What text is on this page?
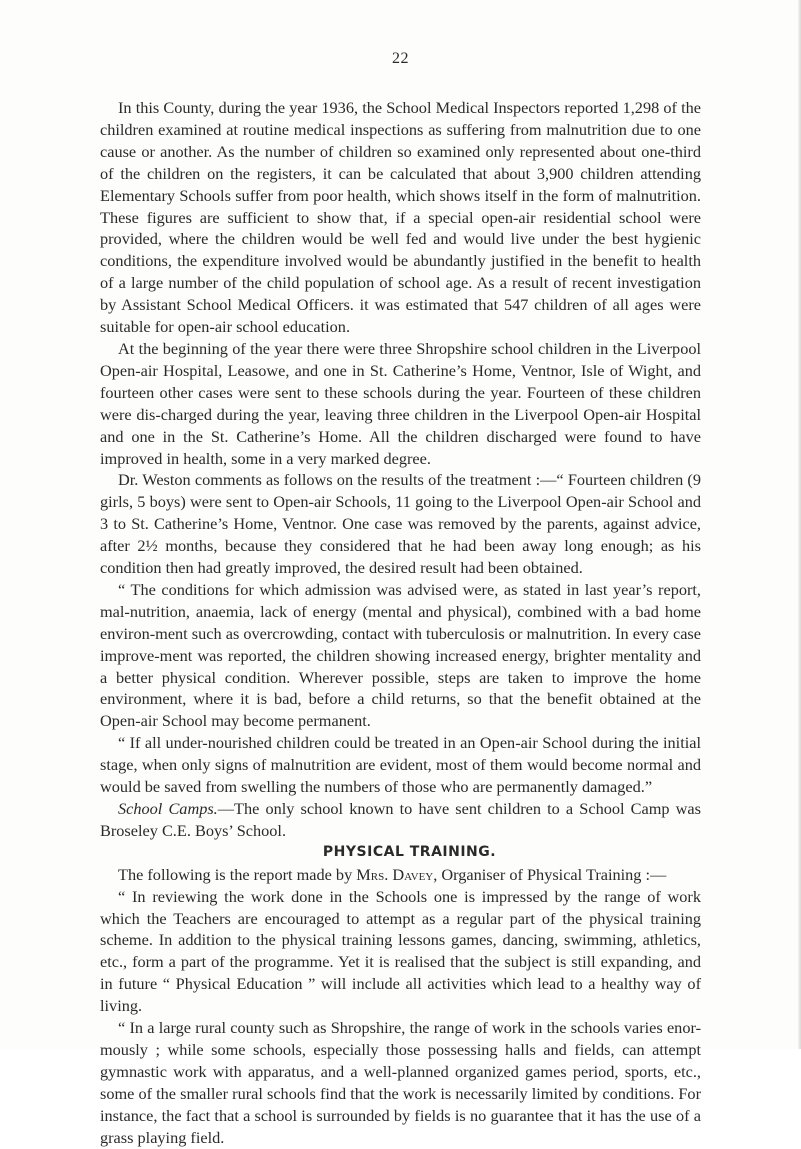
22

In this County, during the year 1936, the School Medical Inspectors reported 1,298 of the children examined at routine medical inspections as suffering from malnutrition due to one cause or another. As the number of children so examined only represented about one-third of the children on the registers, it can be calculated that about 3,900 children attending Elementary Schools suffer from poor health, which shows itself in the form of malnutrition. These figures are sufficient to show that, if a special open-air residential school were provided, where the children would be well fed and would live under the best hygienic conditions, the expenditure involved would be abundantly justified in the benefit to health of a large number of the child population of school age. As a result of recent investigation by Assistant School Medical Officers. it was estimated that 547 children of all ages were suitable for open-air school education.

At the beginning of the year there were three Shropshire school children in the Liverpool Open-air Hospital, Leasowe, and one in St. Catherine’s Home, Ventnor, Isle of Wight, and fourteen other cases were sent to these schools during the year. Fourteen of these children were dis-charged during the year, leaving three children in the Liverpool Open-air Hospital and one in the St. Catherine’s Home. All the children discharged were found to have improved in health, some in a very marked degree.

Dr. Weston comments as follows on the results of the treatment :—“ Fourteen children (9 girls, 5 boys) were sent to Open-air Schools, 11 going to the Liverpool Open-air School and 3 to St. Catherine’s Home, Ventnor. One case was removed by the parents, against advice, after 2½ months, because they considered that he had been away long enough; as his condition then had greatly improved, the desired result had been obtained.

“ The conditions for which admission was advised were, as stated in last year’s report, mal-nutrition, anaemia, lack of energy (mental and physical), combined with a bad home environ-ment such as overcrowding, contact with tuberculosis or malnutrition. In every case improve-ment was reported, the children showing increased energy, brighter mentality and a better physical condition. Wherever possible, steps are taken to improve the home environment, where it is bad, before a child returns, so that the benefit obtained at the Open-air School may become permanent.

“ If all under-nourished children could be treated in an Open-air School during the initial stage, when only signs of malnutrition are evident, most of them would become normal and would be saved from swelling the numbers of those who are permanently damaged.”

School Camps.—The only school known to have sent children to a School Camp was Broseley C.E. Boys’ School.

PHYSICAL TRAINING.

The following is the report made by Mrs. Davey, Organiser of Physical Training :—

“ In reviewing the work done in the Schools one is impressed by the range of work which the Teachers are encouraged to attempt as a regular part of the physical training scheme. In addition to the physical training lessons games, dancing, swimming, athletics, etc., form a part of the programme. Yet it is realised that the subject is still expanding, and in future “ Physical Education ” will include all activities which lead to a healthy way of living.

“ In a large rural county such as Shropshire, the range of work in the schools varies enor-mously ; while some schools, especially those possessing halls and fields, can attempt gymnastic work with apparatus, and a well-planned organized games period, sports, etc., some of the smaller rural schools find that the work is necessarily limited by conditions. For instance, the fact that a school is surrounded by fields is no guarantee that it has the use of a grass playing field.
